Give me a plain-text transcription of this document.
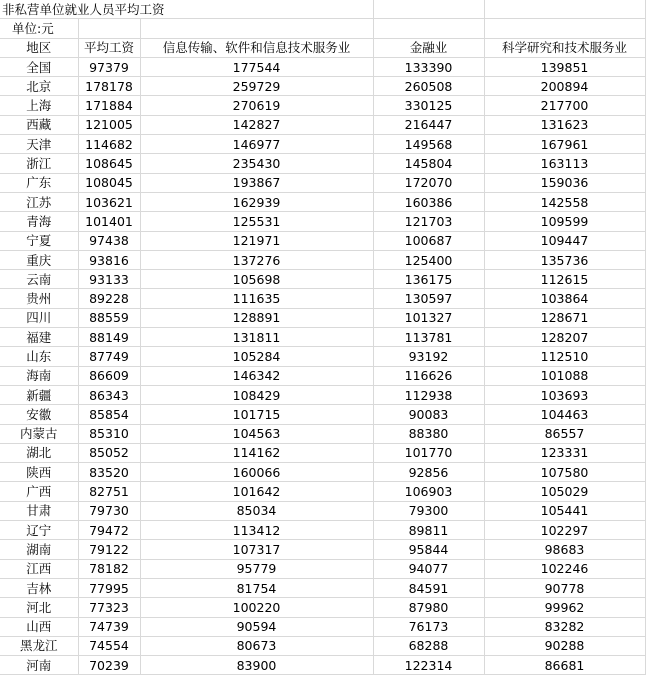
非私营单位就业人员平均工资				
单位:元				
地区	平均工资	信息传输、软件和信息技术服务业	金融业	科学研究和技术服务业
全国	97379	177544	133390	139851
北京	178178	259729	260508	200894
上海	171884	270619	330125	217700
西藏	121005	142827	216447	131623
天津	114682	146977	149568	167961
浙江	108645	235430	145804	163113
广东	108045	193867	172070	159036
江苏	103621	162939	160386	142558
青海	101401	125531	121703	109599
宁夏	97438	121971	100687	109447
重庆	93816	137276	125400	135736
云南	93133	105698	136175	112615
贵州	89228	111635	130597	103864
四川	88559	128891	101327	128671
福建	88149	131811	113781	128207
山东	87749	105284	93192	112510
海南	86609	146342	116626	101088
新疆	86343	108429	112938	103693
安徽	85854	101715	90083	104463
内蒙古	85310	104563	88380	86557
湖北	85052	114162	101770	123331
陕西	83520	160066	92856	107580
广西	82751	101642	106903	105029
甘肃	79730	85034	79300	105441
辽宁	79472	113412	89811	102297
湖南	79122	107317	95844	98683
江西	78182	95779	94077	102246
吉林	77995	81754	84591	90778
河北	77323	100220	87980	99962
山西	74739	90594	76173	83282
黑龙江	74554	80673	68288	90288
河南	70239	83900	122314	86681
